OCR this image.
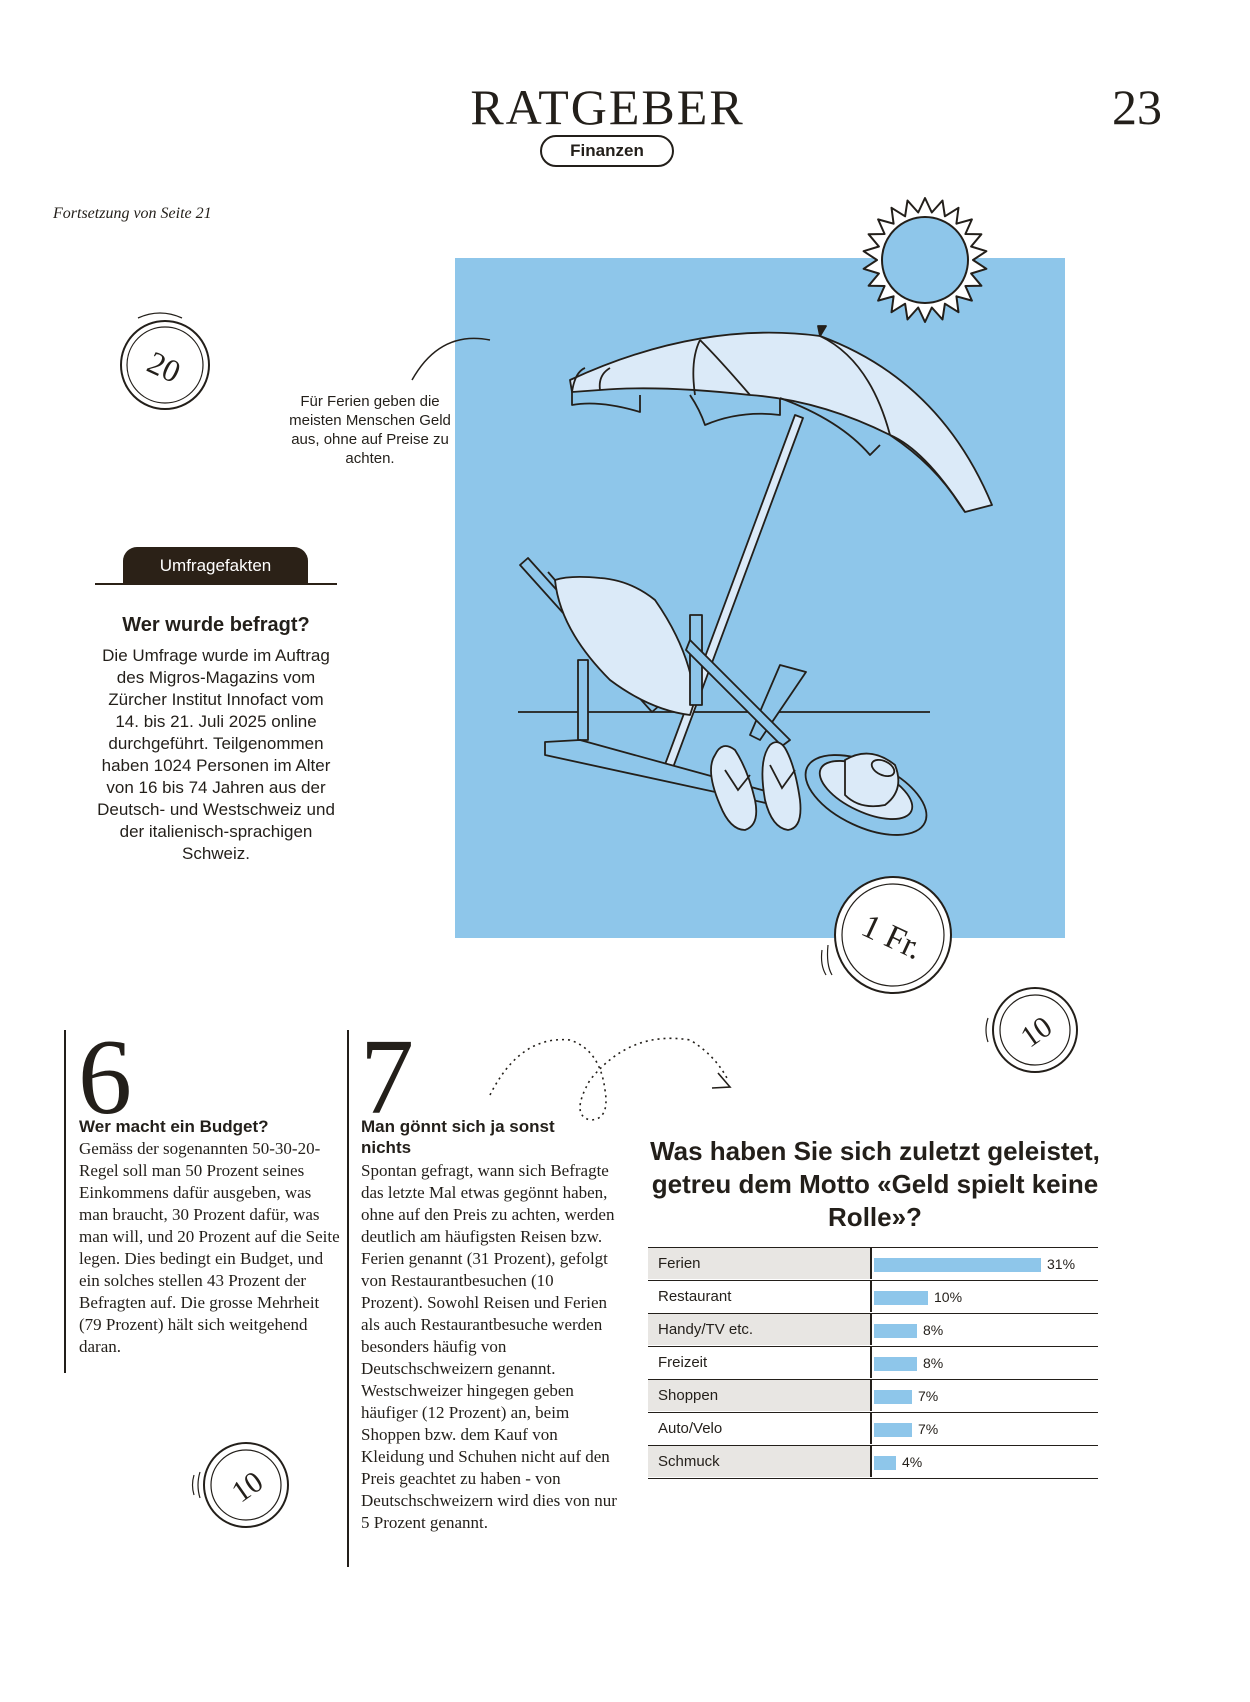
RATGEBER	23
Finanzen
Fortsetzung von Seite 21
20
1 Fr.
10
10
Für Ferien geben die meisten Menschen Geld aus, ohne auf Preise zu achten.
Umfragefakten
Wer wurde befragt?
Die Umfrage wurde im Auftrag des Migros-Magazins vom Zürcher Institut Innofact vom 14. bis 21. Juli 2025 online durchgeführt. Teilgenommen haben 1024 Personen im Alter von 16 bis 74 Jahren aus der Deutsch- und Westschweiz und der italienisch-sprachigen Schweiz.
6
Wer macht ein Budget?
Gemäss der sogenannten 50-30-20-Regel soll man 50 Prozent seines Einkommens dafür ausgeben, was man braucht, 30 Prozent dafür, was man will, und 20 Prozent auf die Seite legen. Dies bedingt ein Budget, und ein solches stellen 43 Prozent der Befragten auf. Die grosse Mehrheit (79 Prozent) hält sich weitgehend daran.
7
Man gönnt sich ja sonst nichts
Spontan gefragt, wann sich Befragte das letzte Mal etwas gegönnt haben, ohne auf den Preis zu achten, werden deutlich am häufigsten Reisen bzw. Ferien genannt (31 Prozent), gefolgt von Restaurantbesuchen (10 Prozent). Sowohl Reisen und Ferien als auch Restaurantbesuche werden besonders häufig von Deutschschweizern genannt. Westschweizer hingegen geben häufiger (12 Prozent) an, beim Shoppen bzw. dem Kauf von Kleidung und Schuhen nicht auf den Preis geachtet zu haben - von Deutschschweizern wird dies von nur 5 Prozent genannt.
Was haben Sie sich zuletzt geleistet, getreu dem Motto «Geld spielt keine Rolle»?
Ferien	31%
Restaurant	10%
Handy/TV etc.	8%
Freizeit	8%
Shoppen	7%
Auto/Velo	7%
Schmuck	4%
